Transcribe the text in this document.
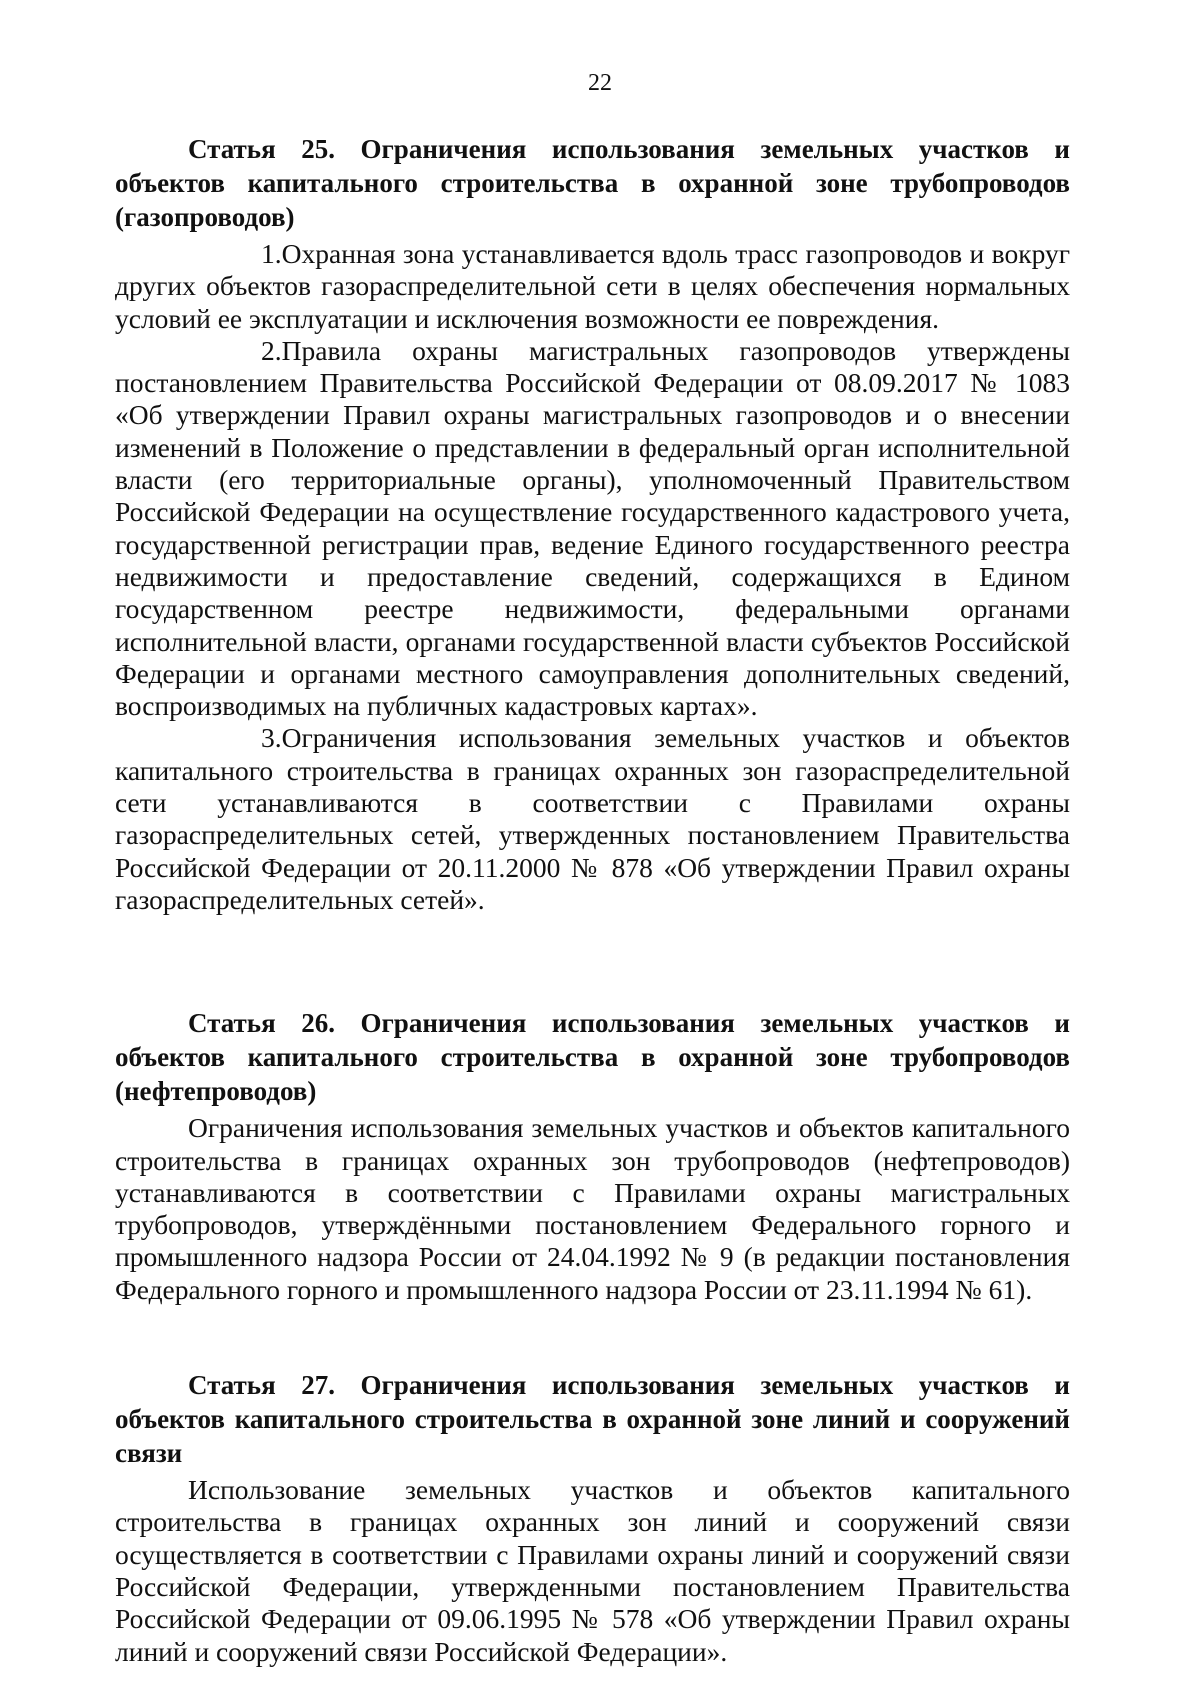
22

Статья 25. Ограничения использования земельных участков и объектов капитального строительства в охранной зоне трубопроводов (газопроводов)

1.Охранная зона устанавливается вдоль трасс газопроводов и вокруг других объектов газораспределительной сети в целях обеспечения нормальных условий ее эксплуатации и исключения возможности ее повреждения.

2.Правила охраны магистральных газопроводов утверждены постановлением Правительства Российской Федерации от 08.09.2017 № 1083 «Об утверждении Правил охраны магистральных газопроводов и о внесении изменений в Положение о представлении в федеральный орган исполнительной власти (его территориальные органы), уполномоченный Правительством Российской Федерации на осуществление государственного кадастрового учета, государственной регистрации прав, ведение Единого государственного реестра недвижимости и предоставление сведений, содержащихся в Едином государственном реестре недвижимости, федеральными органами исполнительной власти, органами государственной власти субъектов Российской Федерации и органами местного самоуправления дополнительных сведений, воспроизводимых на публичных кадастровых картах».

3.Ограничения использования земельных участков и объектов капитального строительства в границах охранных зон газораспределительной сети устанавливаются в соответствии с Правилами охраны газораспределительных сетей, утвержденных постановлением Правительства Российской Федерации от 20.11.2000 № 878 «Об утверждении Правил охраны газораспределительных сетей».

Статья 26. Ограничения использования земельных участков и объектов капитального строительства в охранной зоне трубопроводов (нефтепроводов)

Ограничения использования земельных участков и объектов капитального строительства в границах охранных зон трубопроводов (нефтепроводов) устанавливаются в соответствии с Правилами охраны магистральных трубопроводов, утверждёнными постановлением Федерального горного и промышленного надзора России от 24.04.1992 № 9 (в редакции постановления Федерального горного и промышленного надзора России от 23.11.1994 № 61).

Статья 27. Ограничения использования земельных участков и объектов капитального строительства в охранной зоне линий и сооружений связи

Использование земельных участков и объектов капитального строительства в границах охранных зон линий и сооружений связи осуществляется в соответствии с Правилами охраны линий и сооружений связи Российской Федерации, утвержденными постановлением Правительства Российской Федерации от 09.06.1995 № 578 «Об утверждении Правил охраны линий и сооружений связи Российской Федерации».
